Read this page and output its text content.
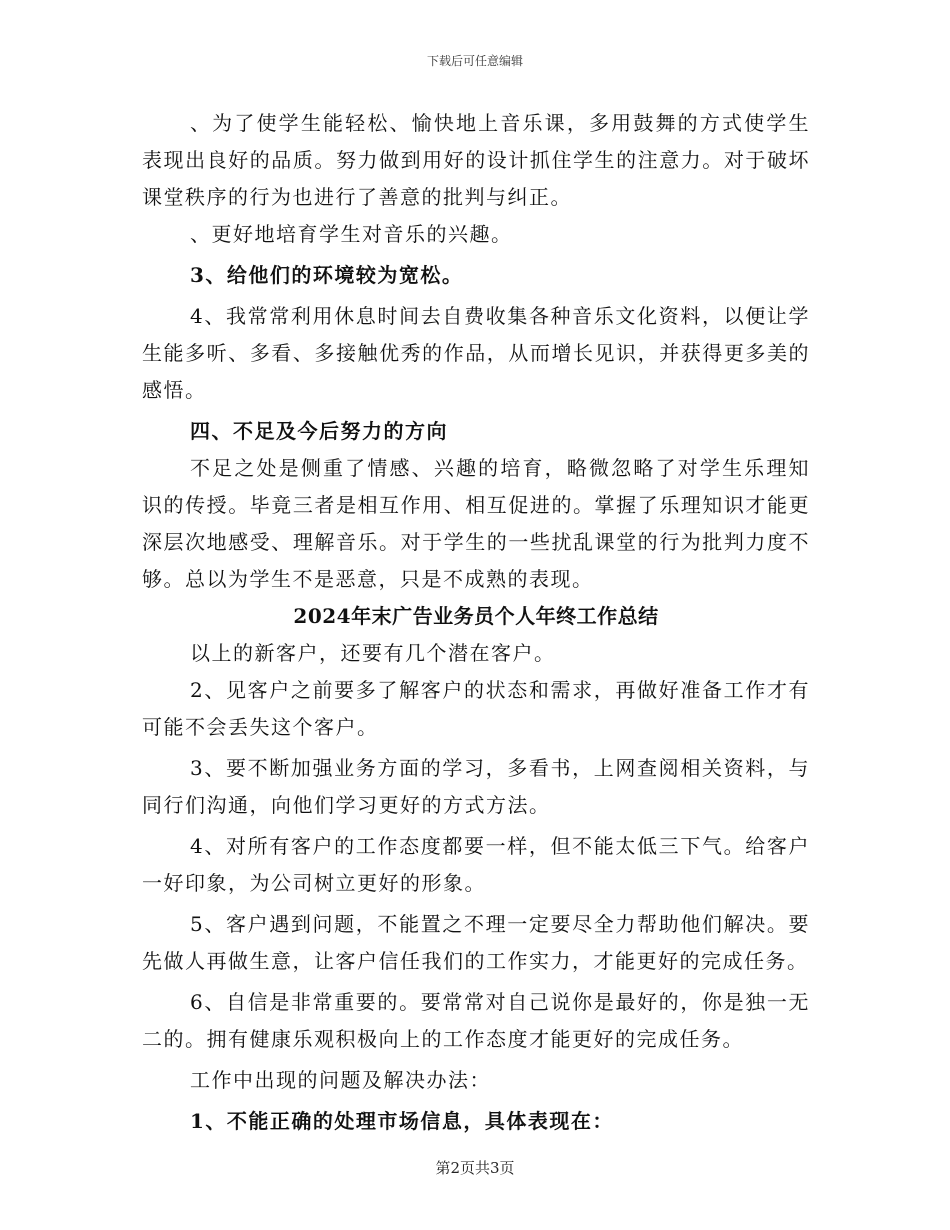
下载后可任意编辑

、为了使学生能轻松、愉快地上音乐课，多用鼓舞的方式使学生表现出良好的品质。努力做到用好的设计抓住学生的注意力。对于破坏课堂秩序的行为也进行了善意的批判与纠正。

、更好地培育学生对音乐的兴趣。

3、给他们的环境较为宽松。

4、我常常利用休息时间去自费收集各种音乐文化资料，以便让学生能多听、多看、多接触优秀的作品，从而增长见识，并获得更多美的感悟。

四、不足及今后努力的方向

不足之处是侧重了情感、兴趣的培育，略微忽略了对学生乐理知识的传授。毕竟三者是相互作用、相互促进的。掌握了乐理知识才能更深层次地感受、理解音乐。对于学生的一些扰乱课堂的行为批判力度不够。总以为学生不是恶意，只是不成熟的表现。

2024年末广告业务员个人年终工作总结

以上的新客户，还要有几个潜在客户。

2、见客户之前要多了解客户的状态和需求，再做好准备工作才有可能不会丢失这个客户。

3、要不断加强业务方面的学习，多看书，上网查阅相关资料，与同行们沟通，向他们学习更好的方式方法。

4、对所有客户的工作态度都要一样，但不能太低三下气。给客户一好印象，为公司树立更好的形象。

5、客户遇到问题，不能置之不理一定要尽全力帮助他们解决。要先做人再做生意，让客户信任我们的工作实力，才能更好的完成任务。

6、自信是非常重要的。要常常对自己说你是最好的，你是独一无二的。拥有健康乐观积极向上的工作态度才能更好的完成任务。

工作中出现的问题及解决办法：

1、不能正确的处理市场信息，具体表现在：

第2页共3页
